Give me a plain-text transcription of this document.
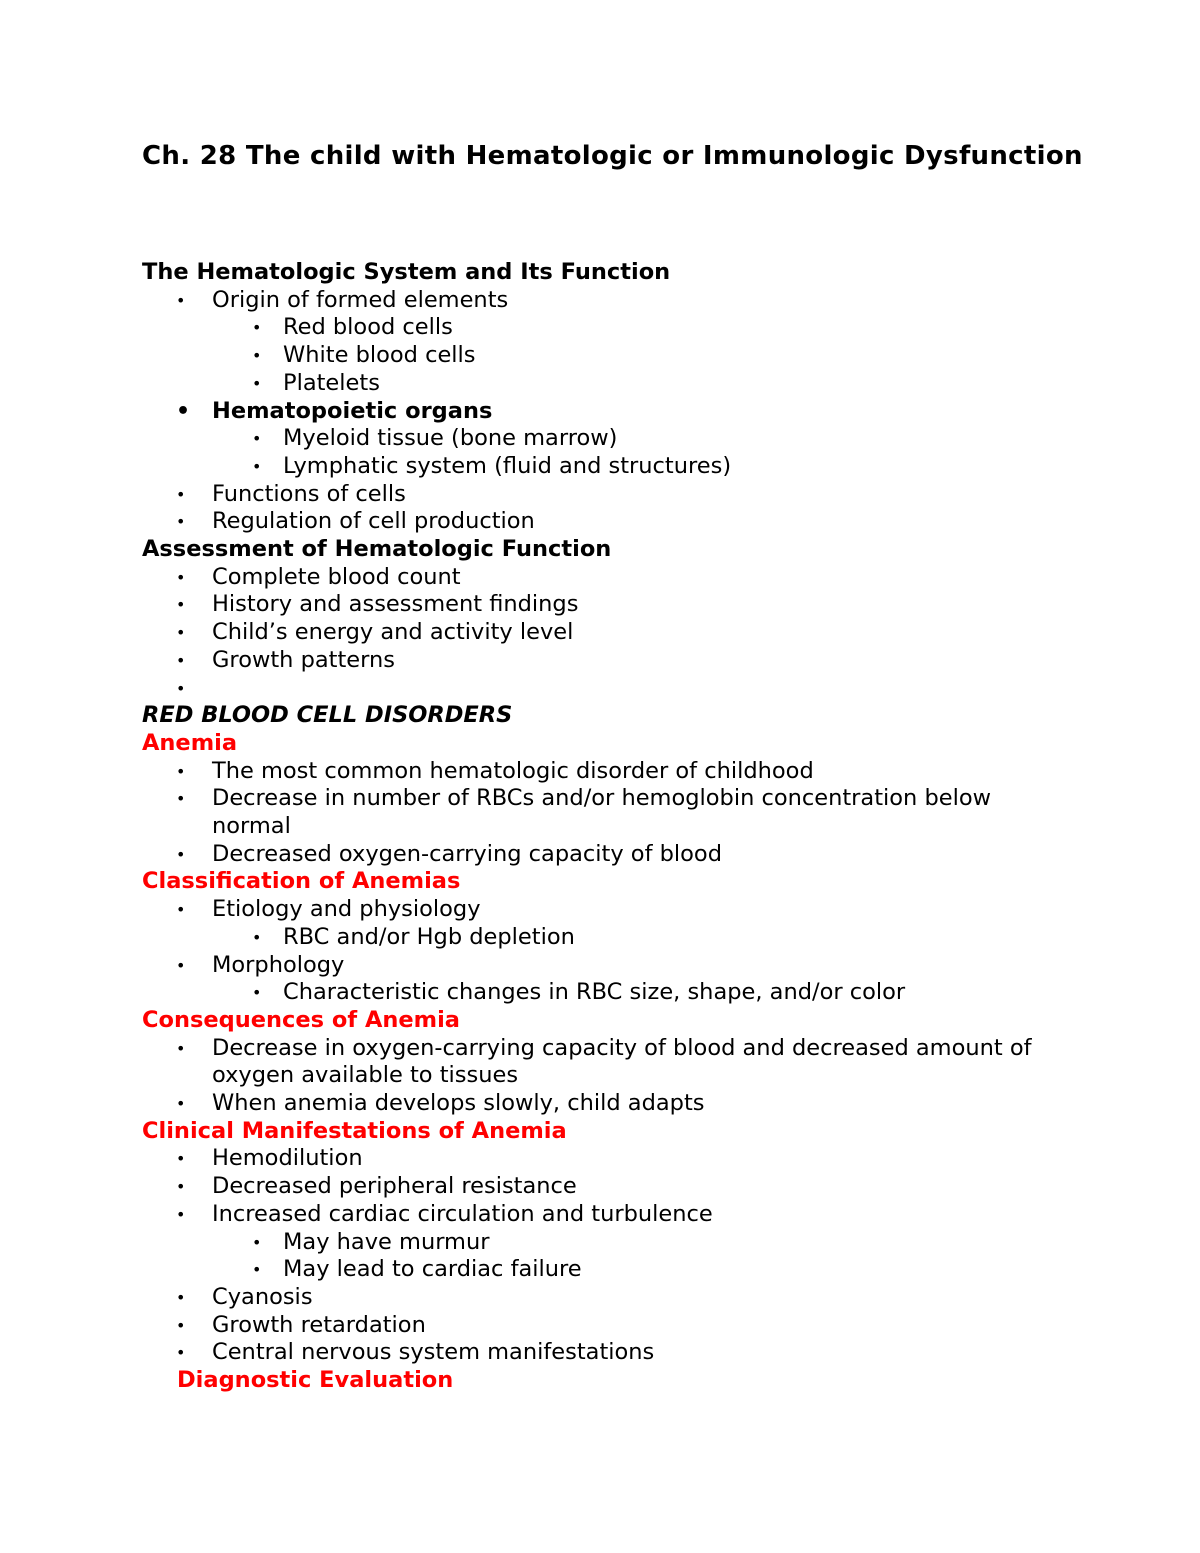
Ch. 28 The child with Hematologic or Immunologic Dysfunction
The Hematologic System and Its Function
• Origin of formed elements
• Red blood cells
• White blood cells
• Platelets
• Hematopoietic organs
• Myeloid tissue (bone marrow)
• Lymphatic system (fluid and structures)
• Functions of cells
• Regulation of cell production
Assessment of Hematologic Function
• Complete blood count
• History and assessment findings
• Child’s energy and activity level
• Growth patterns
•
RED BLOOD CELL DISORDERS
Anemia
• The most common hematologic disorder of childhood
• Decrease in number of RBCs and/or hemoglobin concentration below normal
• Decreased oxygen-carrying capacity of blood
Classification of Anemias
• Etiology and physiology
• RBC and/or Hgb depletion
• Morphology
• Characteristic changes in RBC size, shape, and/or color
Consequences of Anemia
• Decrease in oxygen-carrying capacity of blood and decreased amount of oxygen available to tissues
• When anemia develops slowly, child adapts
Clinical Manifestations of Anemia
• Hemodilution
• Decreased peripheral resistance
• Increased cardiac circulation and turbulence
• May have murmur
• May lead to cardiac failure
• Cyanosis
• Growth retardation
• Central nervous system manifestations
Diagnostic Evaluation
